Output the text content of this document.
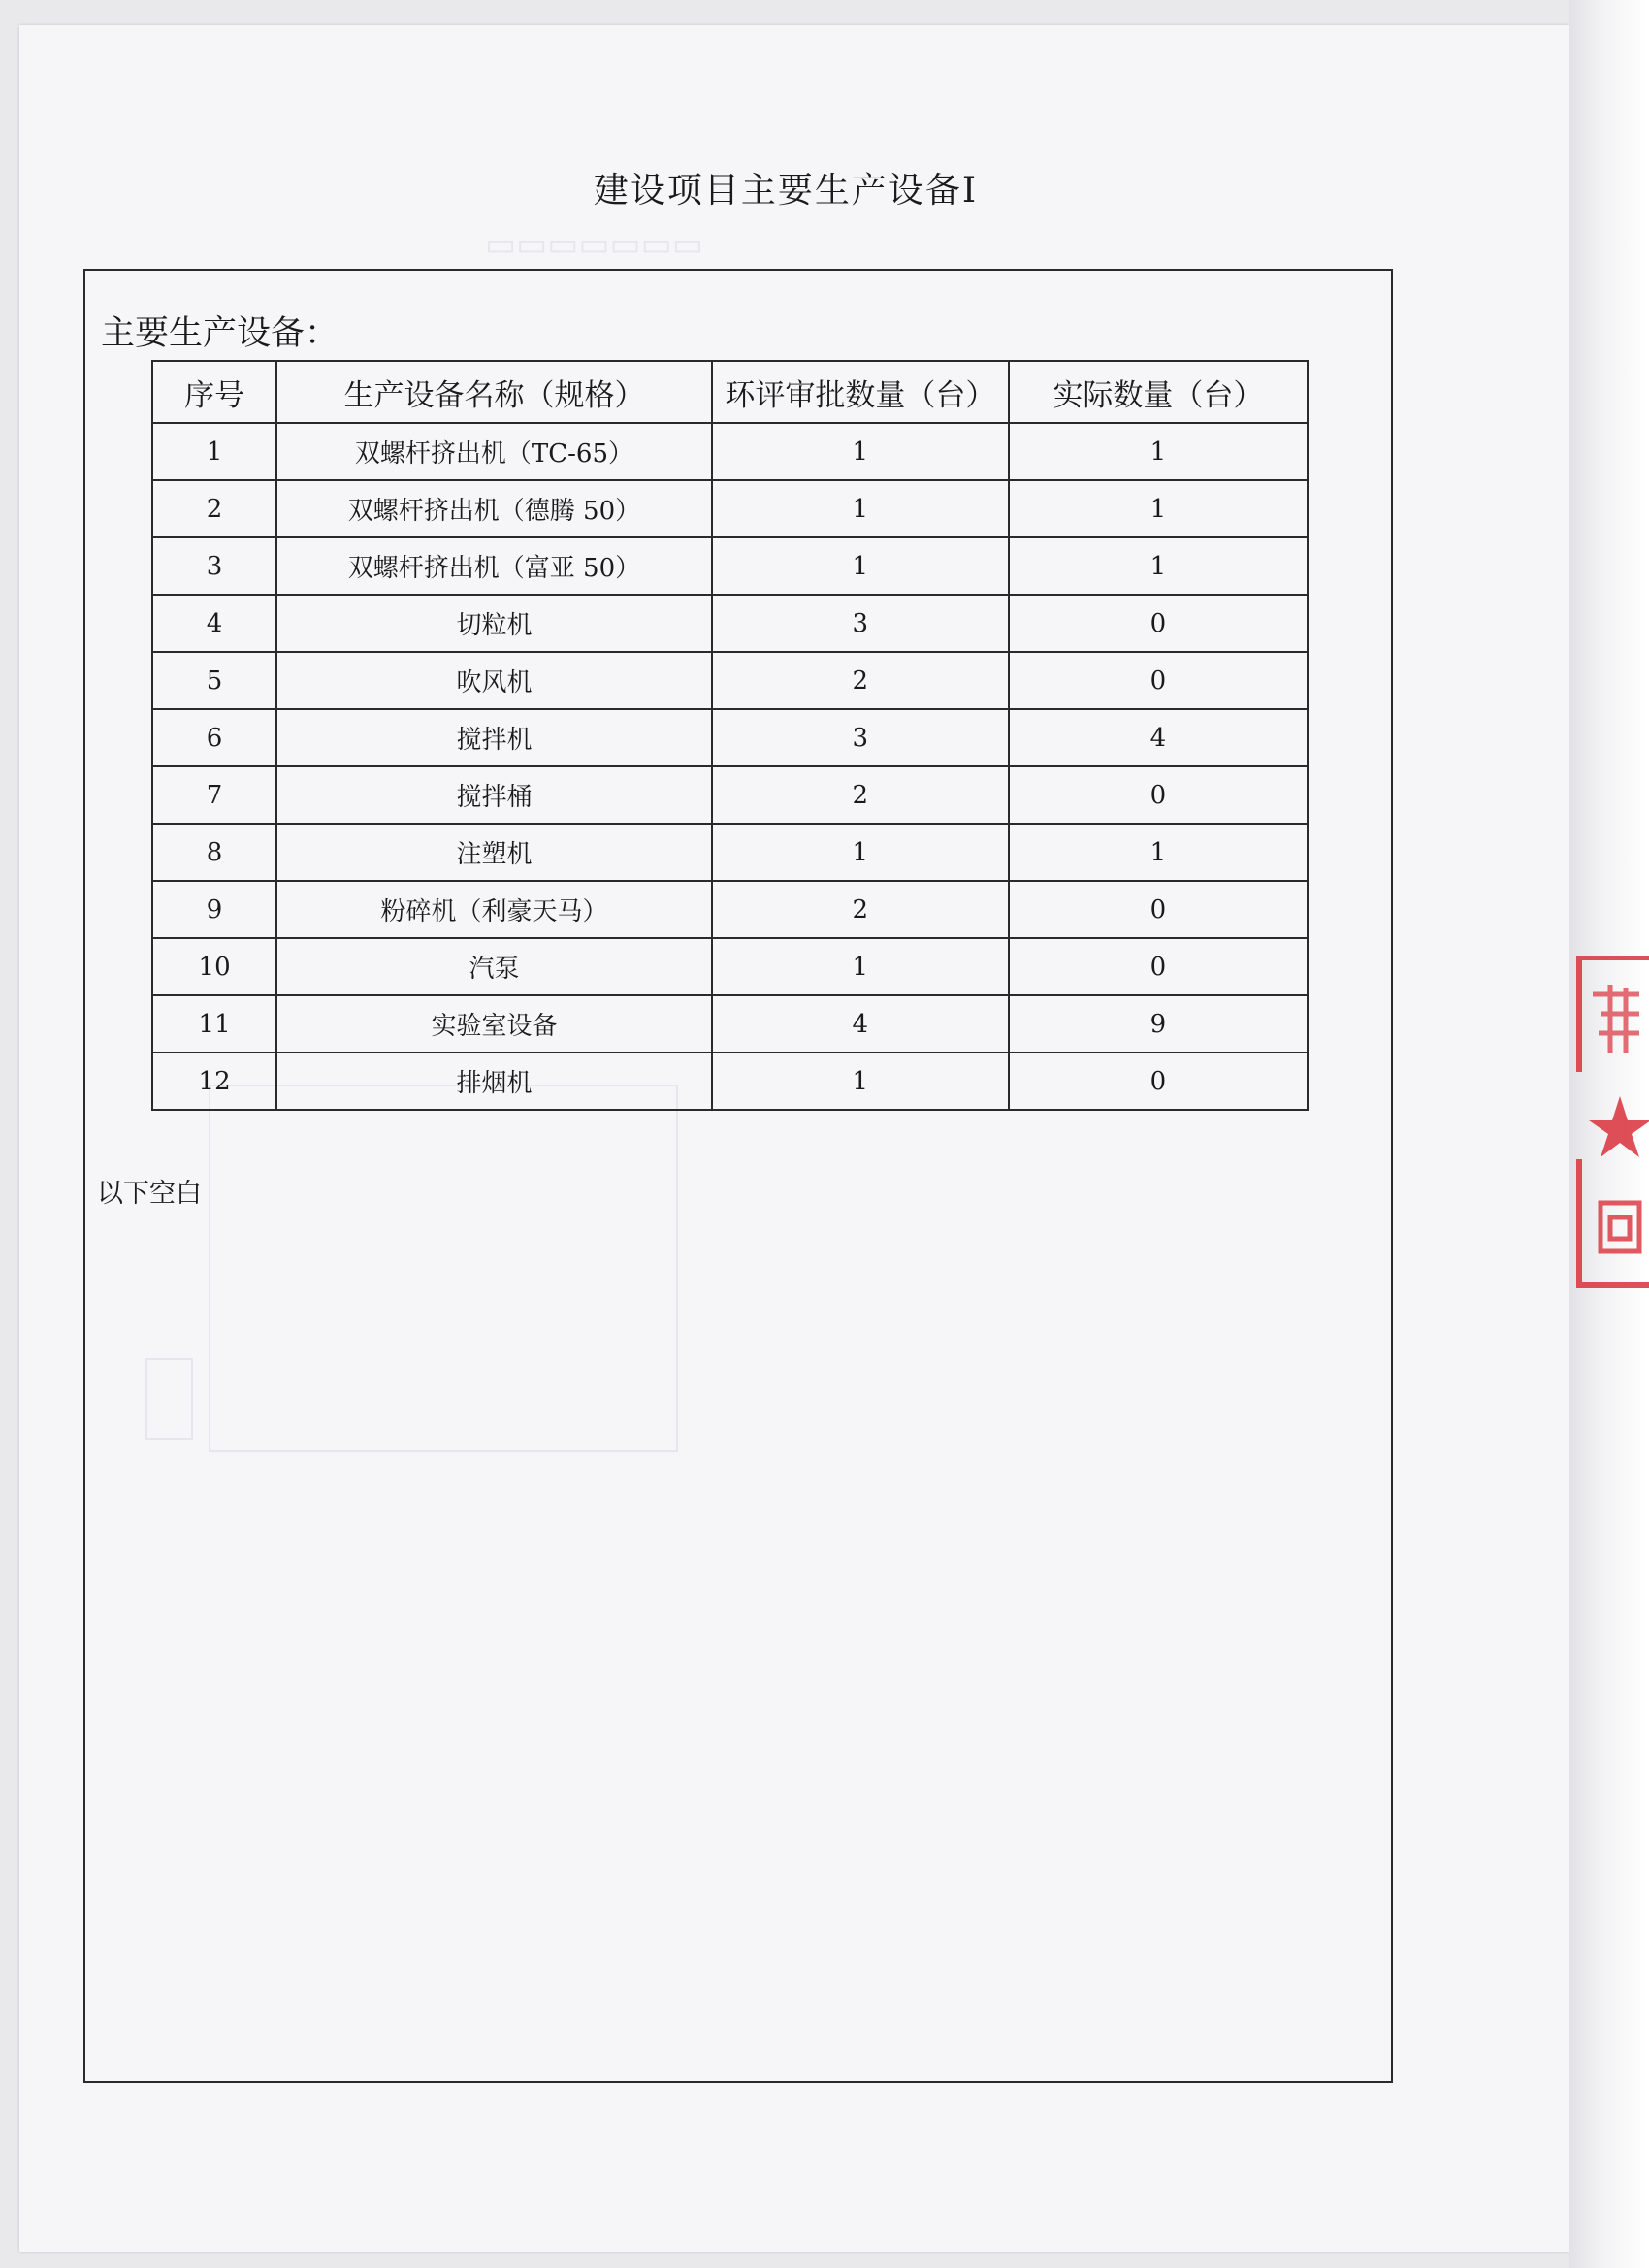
▭▭▭▭▭▭▭
建设项目主要生产设备Ⅰ
主要生产设备：
序号	生产设备名称（规格）	环评审批数量（台）	实际数量（台）
1	双螺杆挤出机（TC-65）	1	1
2	双螺杆挤出机（德腾 50）	1	1
3	双螺杆挤出机（富亚 50）	1	1
4	切粒机	3	0
5	吹风机	2	0
6	搅拌机	3	4
7	搅拌桶	2	0
8	注塑机	1	1
9	粉碎机（利豪天马）	2	0
10	汽泵	1	0
11	实验室设备	4	9
12	排烟机	1	0
以下空白
